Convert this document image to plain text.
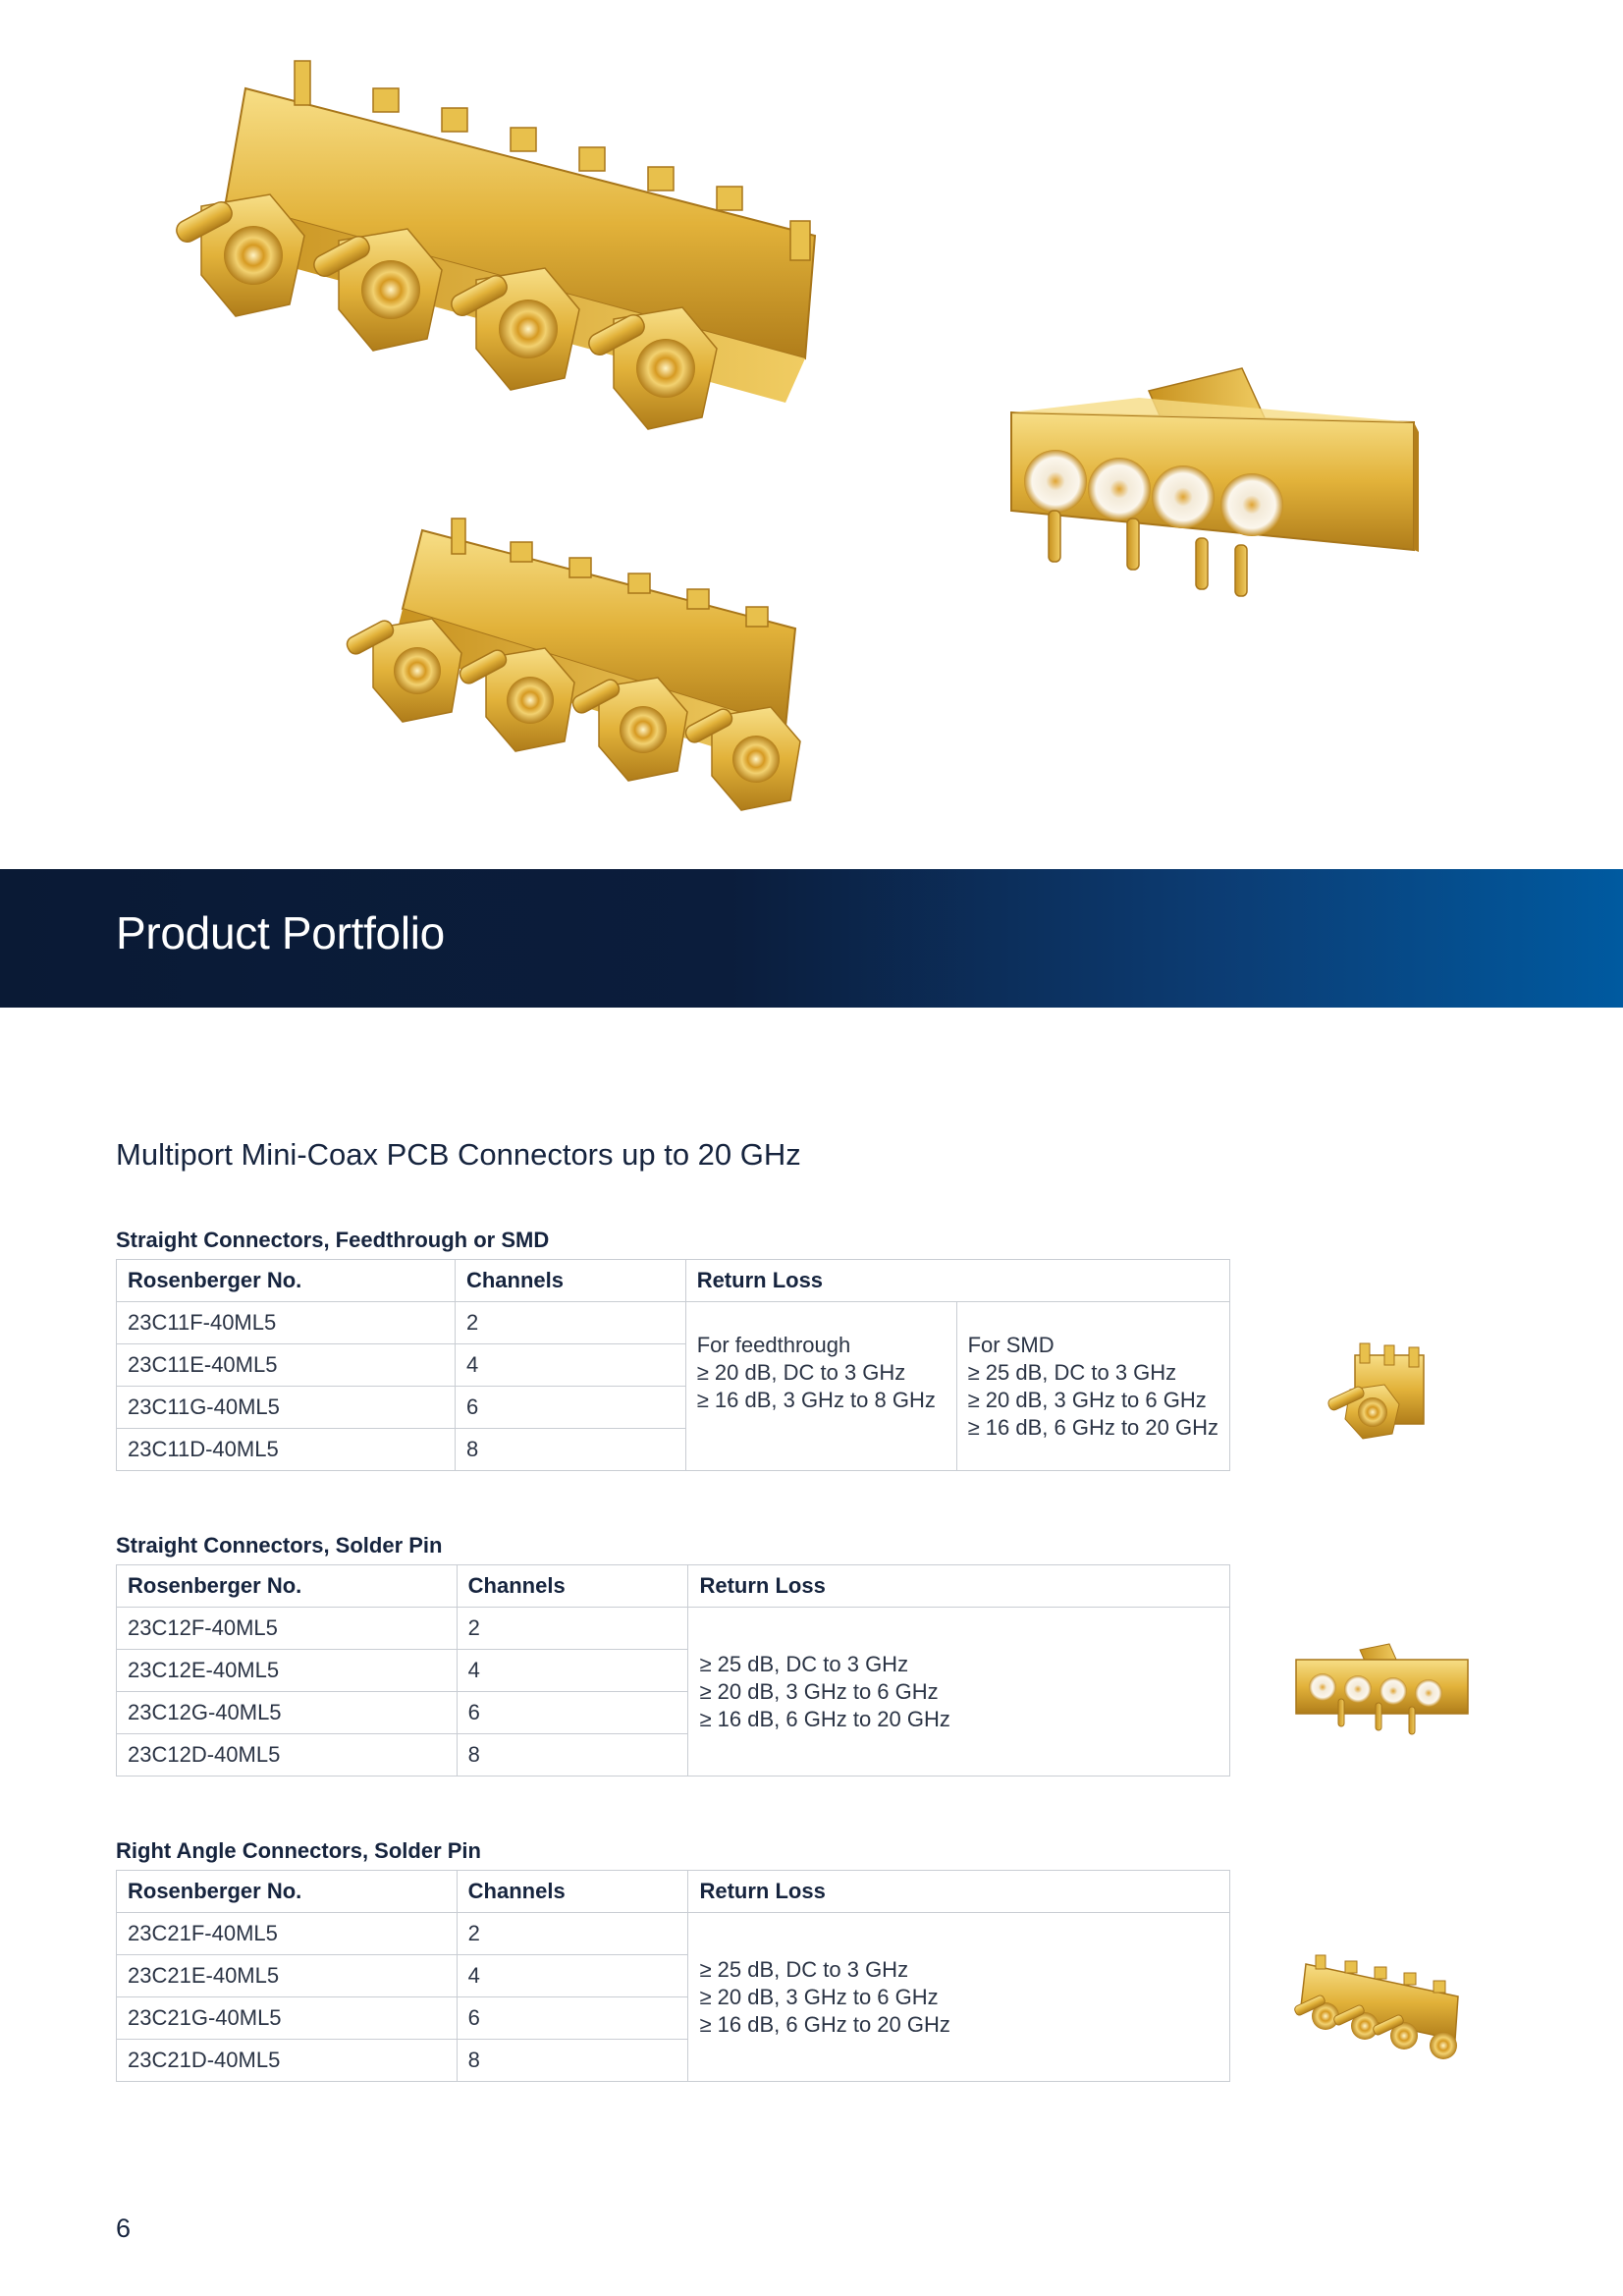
Product Portfolio
Multiport Mini-Coax PCB Connectors up to 20 GHz
Straight Connectors, Feedthrough or SMD
Rosenberger No.	Channels	Return Loss	
23C11F-40ML5	2	For feedthrough
≥ 20 dB, DC to 3 GHz
≥ 16 dB, 3 GHz to 8 GHz	For SMD
≥ 25 dB, DC to 3 GHz
≥ 20 dB, 3 GHz to 6 GHz
≥ 16 dB, 6 GHz to 20 GHz

23C11E-40ML5	4		
23C11G-40ML5	6		
23C11D-40ML5	8		
Straight Connectors, Solder Pin
Rosenberger No.	Channels	Return Loss
23C12F-40ML5	2	≥ 25 dB, DC to 3 GHz
≥ 20 dB, 3 GHz to 6 GHz
≥ 16 dB, 6 GHz to 20 GHz

23C12E-40ML5	4	
23C12G-40ML5	6	
23C12D-40ML5	8	
Right Angle Connectors, Solder Pin
Rosenberger No.	Channels	Return Loss
23C21F-40ML5	2	≥ 25 dB, DC to 3 GHz
≥ 20 dB, 3 GHz to 6 GHz
≥ 16 dB, 6 GHz to 20 GHz

23C21E-40ML5	4	
23C21G-40ML5	6	
23C21D-40ML5	8	
6
